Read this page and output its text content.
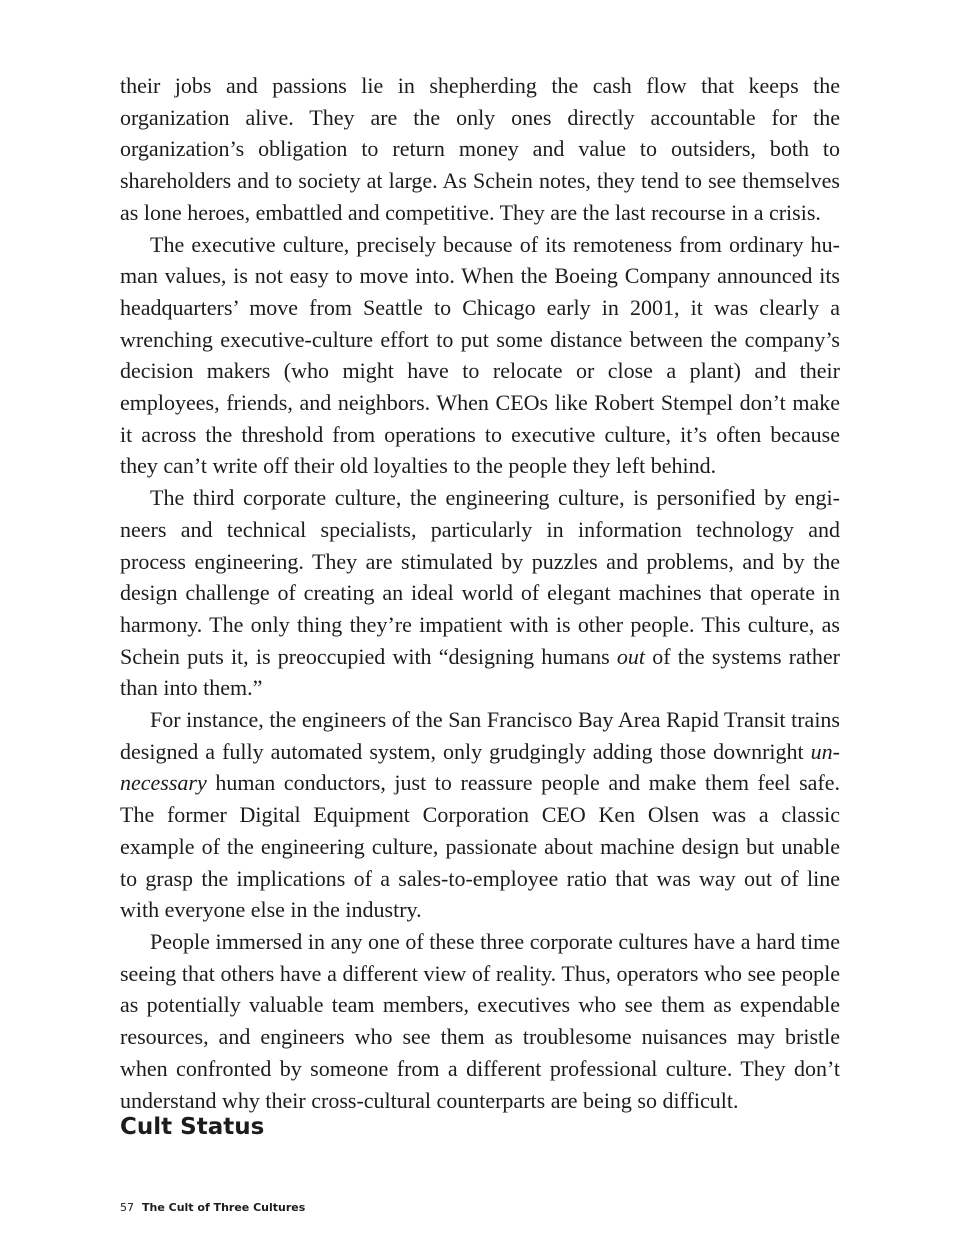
their jobs and passions lie in shepherding the cash flow that keeps the organization alive. They are the only ones directly accountable for the organization’s obligation to return money and value to outsiders, both to shareholders and to society at large. As Schein notes, they tend to see themselves as lone heroes, embattled and competitive. They are the last recourse in a crisis.

The executive culture, precisely because of its remoteness from ordinary human values, is not easy to move into. When the Boeing Company announced its headquarters’ move from Seattle to Chicago early in 2001, it was clearly a wrenching executive-culture effort to put some distance between the company’s decision makers (who might have to relocate or close a plant) and their employees, friends, and neighbors. When CEOs like Robert Stempel don’t make it across the threshold from operations to executive culture, it’s often because they can’t write off their old loyalties to the people they left behind.

The third corporate culture, the engineering culture, is personified by engineers and technical specialists, particularly in information technology and process engineering. They are stimulated by puzzles and problems, and by the design challenge of creating an ideal world of elegant machines that operate in harmony. The only thing they’re impatient with is other people. This culture, as Schein puts it, is preoccupied with “designing humans out of the systems rather than into them.”

For instance, the engineers of the San Francisco Bay Area Rapid Transit trains designed a fully automated system, only grudgingly adding those downright unnecessary human conductors, just to reassure people and make them feel safe. The former Digital Equipment Corporation CEO Ken Olsen was a classic example of the engineering culture, passionate about machine design but unable to grasp the implications of a sales-to-employee ratio that was way out of line with everyone else in the industry.

People immersed in any one of these three corporate cultures have a hard time seeing that others have a different view of reality. Thus, operators who see people as potentially valuable team members, executives who see them as expendable resources, and engineers who see them as troublesome nuisances may bristle when confronted by someone from a different professional culture. They don’t understand why their cross-cultural counterparts are being so difficult.

Cult Status
57 The Cult of Three Cultures
